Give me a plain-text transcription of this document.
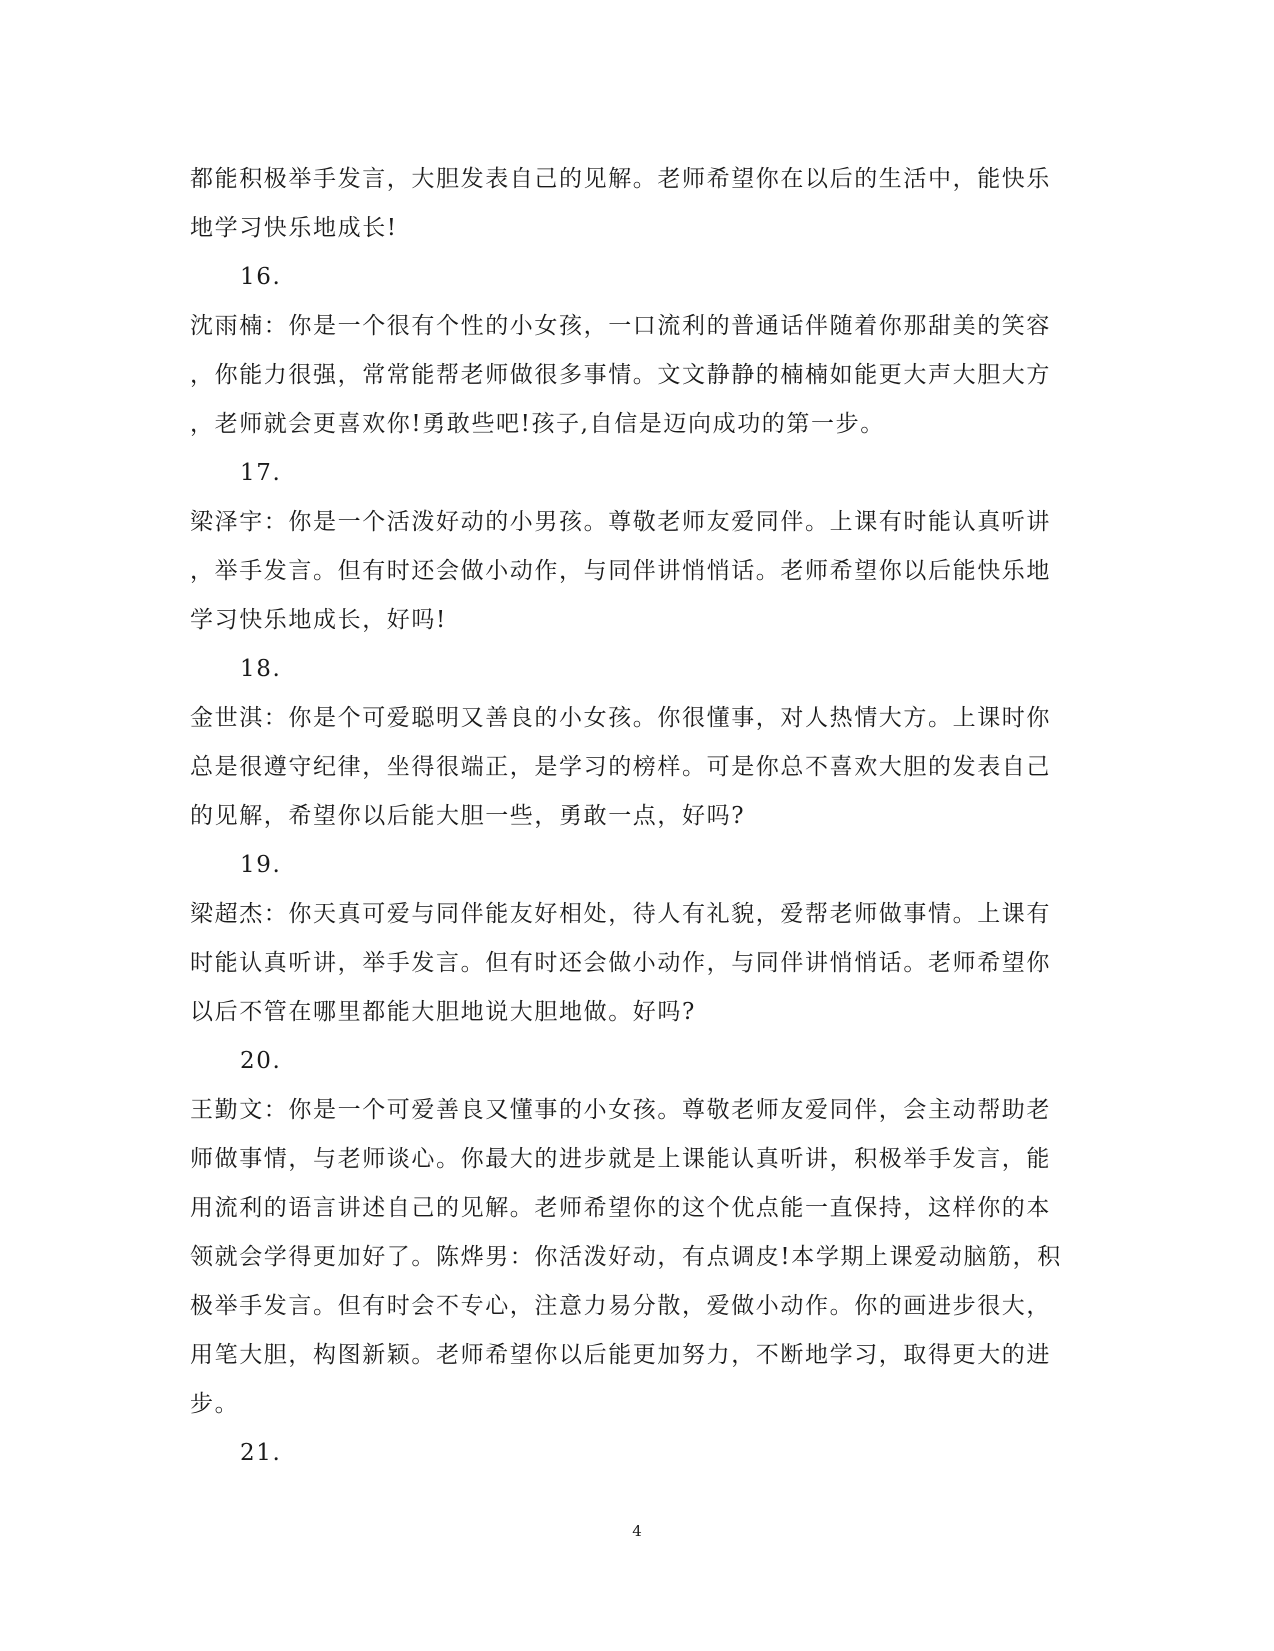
都能积极举手发言，大胆发表自己的见解。老师希望你在以后的生活中，能快乐
地学习快乐地成长!
16.
沈雨楠：你是一个很有个性的小女孩，一口流利的普通话伴随着你那甜美的笑容
，你能力很强，常常能帮老师做很多事情。文文静静的楠楠如能更大声大胆大方
，老师就会更喜欢你!勇敢些吧!孩子,自信是迈向成功的第一步。
17.
梁泽宇：你是一个活泼好动的小男孩。尊敬老师友爱同伴。上课有时能认真听讲
，举手发言。但有时还会做小动作，与同伴讲悄悄话。老师希望你以后能快乐地
学习快乐地成长，好吗!
18.
金世淇：你是个可爱聪明又善良的小女孩。你很懂事，对人热情大方。上课时你
总是很遵守纪律，坐得很端正，是学习的榜样。可是你总不喜欢大胆的发表自己
的见解，希望你以后能大胆一些，勇敢一点，好吗?
19.
梁超杰：你天真可爱与同伴能友好相处，待人有礼貌，爱帮老师做事情。上课有
时能认真听讲，举手发言。但有时还会做小动作，与同伴讲悄悄话。老师希望你
以后不管在哪里都能大胆地说大胆地做。好吗?
20.
王勤文：你是一个可爱善良又懂事的小女孩。尊敬老师友爱同伴，会主动帮助老
师做事情，与老师谈心。你最大的进步就是上课能认真听讲，积极举手发言，能
用流利的语言讲述自己的见解。老师希望你的这个优点能一直保持，这样你的本
领就会学得更加好了。陈烨男：你活泼好动，有点调皮!本学期上课爱动脑筋，积
极举手发言。但有时会不专心，注意力易分散，爱做小动作。你的画进步很大，
用笔大胆，构图新颖。老师希望你以后能更加努力，不断地学习，取得更大的进
步。
21.
4
